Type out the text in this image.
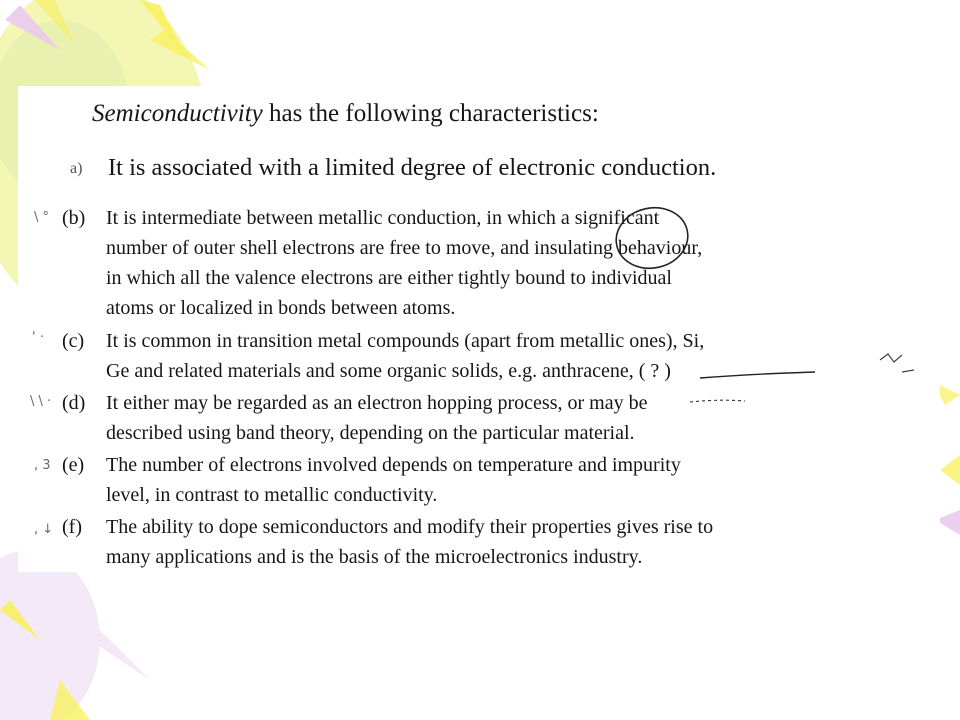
Semiconductivity has the following characteristics:
a) It is associated with a limited degree of electronic conduction.
(b) It is intermediate between metallic conduction, in which a significant
number of outer shell electrons are free to move, and insulating behaviour,
in which all the valence electrons are either tightly bound to individual
atoms or localized in bonds between atoms.
(c) It is common in transition metal compounds (apart from metallic ones), Si,
Ge and related materials and some organic solids, e.g. anthracene, ( ? )
(d) It either may be regarded as an electron hopping process, or may be
described using band theory, depending on the particular material.
(e) The number of electrons involved depends on temperature and impurity
level, in contrast to metallic conductivity.
(f) The ability to dope semiconductors and modify their properties gives rise to
many applications and is the basis of the microelectronics industry.
\ °
' ·
\ \ ·
, 3
, ↓
